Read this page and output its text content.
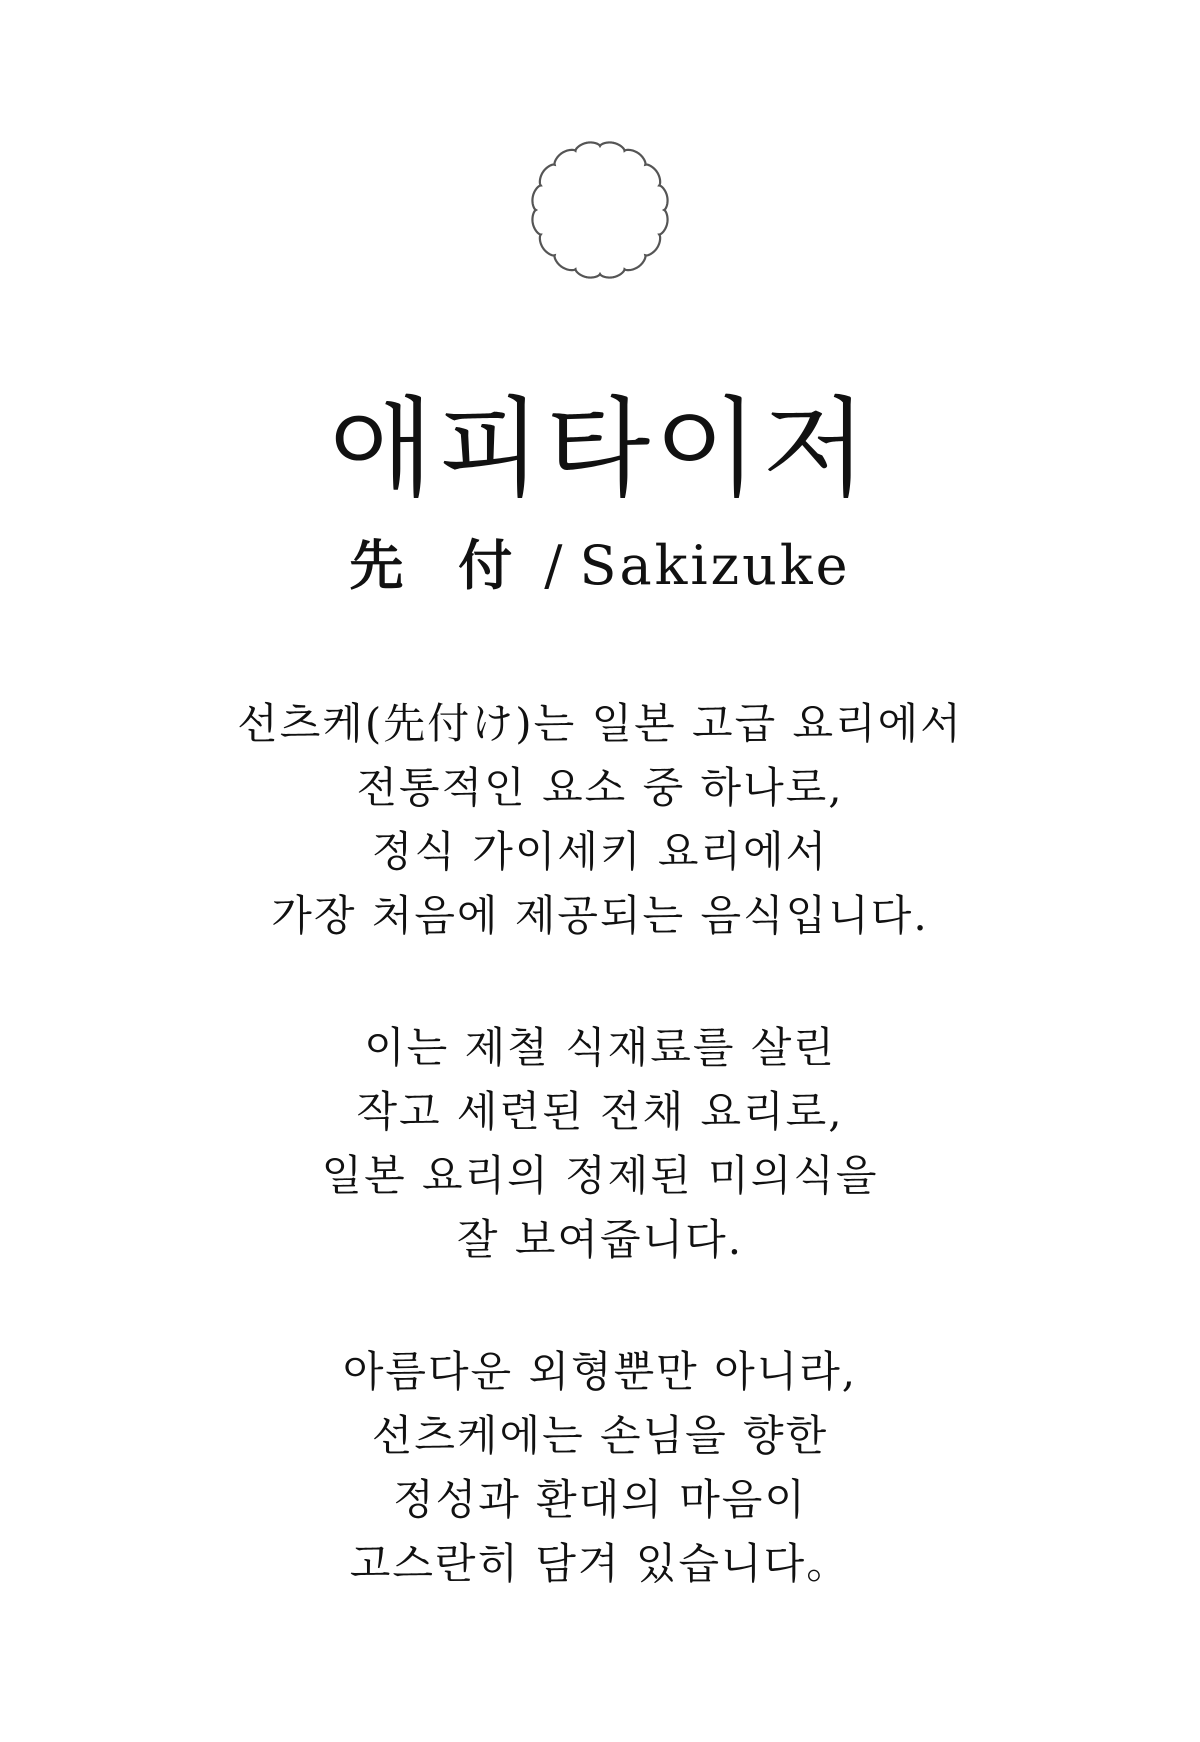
애피타이저
先 付 / Sakizuke
선츠케(先付け)는 일본 고급 요리에서
전통적인 요소 중 하나로,
정식 가이세키 요리에서
가장 처음에 제공되는 음식입니다.
이는 제철 식재료를 살린
작고 세련된 전채 요리로,
일본 요리의 정제된 미의식을
잘 보여줍니다.
아름다운 외형뿐만 아니라,
선츠케에는 손님을 향한
정성과 환대의 마음이
고스란히 담겨 있습니다。
